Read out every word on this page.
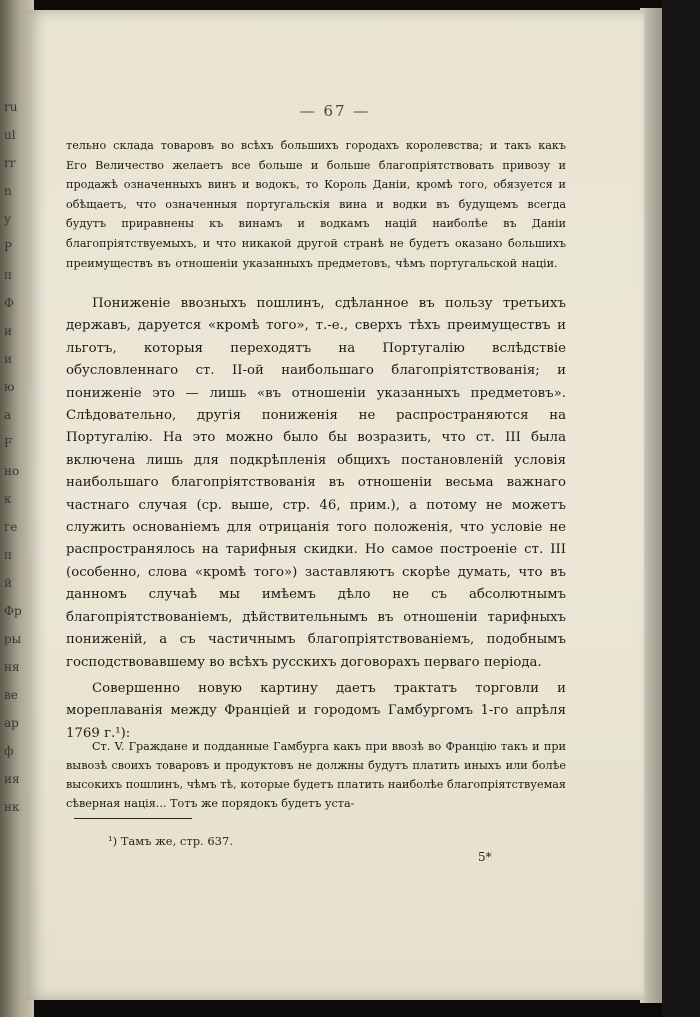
ru
ul
rr
n
у
Р
п
Ф
и
и
ю
а
F
но
к
ге
п
й
Фр
ры
ня
ве
ар
ф
ия
нк
— 67 —

тельно склада товаровъ во всѣхъ большихъ городахъ королевства; и такъ какъ Его Величество желаетъ все больше и больше благопріятствовать привозу и продажѣ означенныхъ винъ и водокъ, то Король Даніи, кромѣ того, обязуется и обѣщаетъ, что означенныя португальскія вина и водки въ будущемъ всегда будутъ приравнены къ винамъ и водкамъ націй наиболѣе въ Даніи благопріятствуемыхъ, и что никакой другой странѣ не будетъ оказано большихъ преимуществъ въ отношеніи указанныхъ предметовъ, чѣмъ португальской націи.

Пониженіе ввозныхъ пошлинъ, сдѣланное въ пользу третьихъ державъ, даруется «кромѣ того», т.-е., сверхъ тѣхъ преимуществъ и льготъ, которыя переходятъ на Португалію вслѣдствіе обусловленнаго ст. II-ой наибольшаго благопріятствованія; и пониженіе это — лишь «въ отношеніи указанныхъ предметовъ». Слѣдовательно, другія пониженія не распространяются на Португалію. На это можно было бы возразить, что ст. III была включена лишь для подкрѣпленія общихъ постановленій условія наибольшаго благопріятствованія въ отношеніи весьма важнаго частнаго случая (ср. выше, стр. 46, прим.), а потому не можетъ служить основаніемъ для отрицанія того положенія, что условіе не распространялось на тарифныя скидки. Но самое построеніе ст. III (особенно, слова «кромѣ того») заставляютъ скорѣе думать, что въ данномъ случаѣ мы имѣемъ дѣло не съ абсолютнымъ благопріятствованіемъ, дѣйствительнымъ въ отношеніи тарифныхъ пониженій, а съ частичнымъ благопріятствованіемъ, подобнымъ господствовавшему во всѣхъ русскихъ договорахъ перваго періода.

Совершенно новую картину даетъ трактатъ торговли и мореплаванія между Франціей и городомъ Гамбургомъ 1-го апрѣля 1769 г.¹):

Ст. V. Граждане и подданные Гамбурга какъ при ввозѣ во Францію такъ и при вывозѣ своихъ товаровъ и продуктовъ не должны будутъ платить иныхъ или болѣе высокихъ пошлинъ, чѣмъ тѣ, которые будетъ платить наиболѣе благопріятствуемая сѣверная нація... Тотъ же порядокъ будетъ уста-

¹) Тамъ же, стр. 637.
5*
